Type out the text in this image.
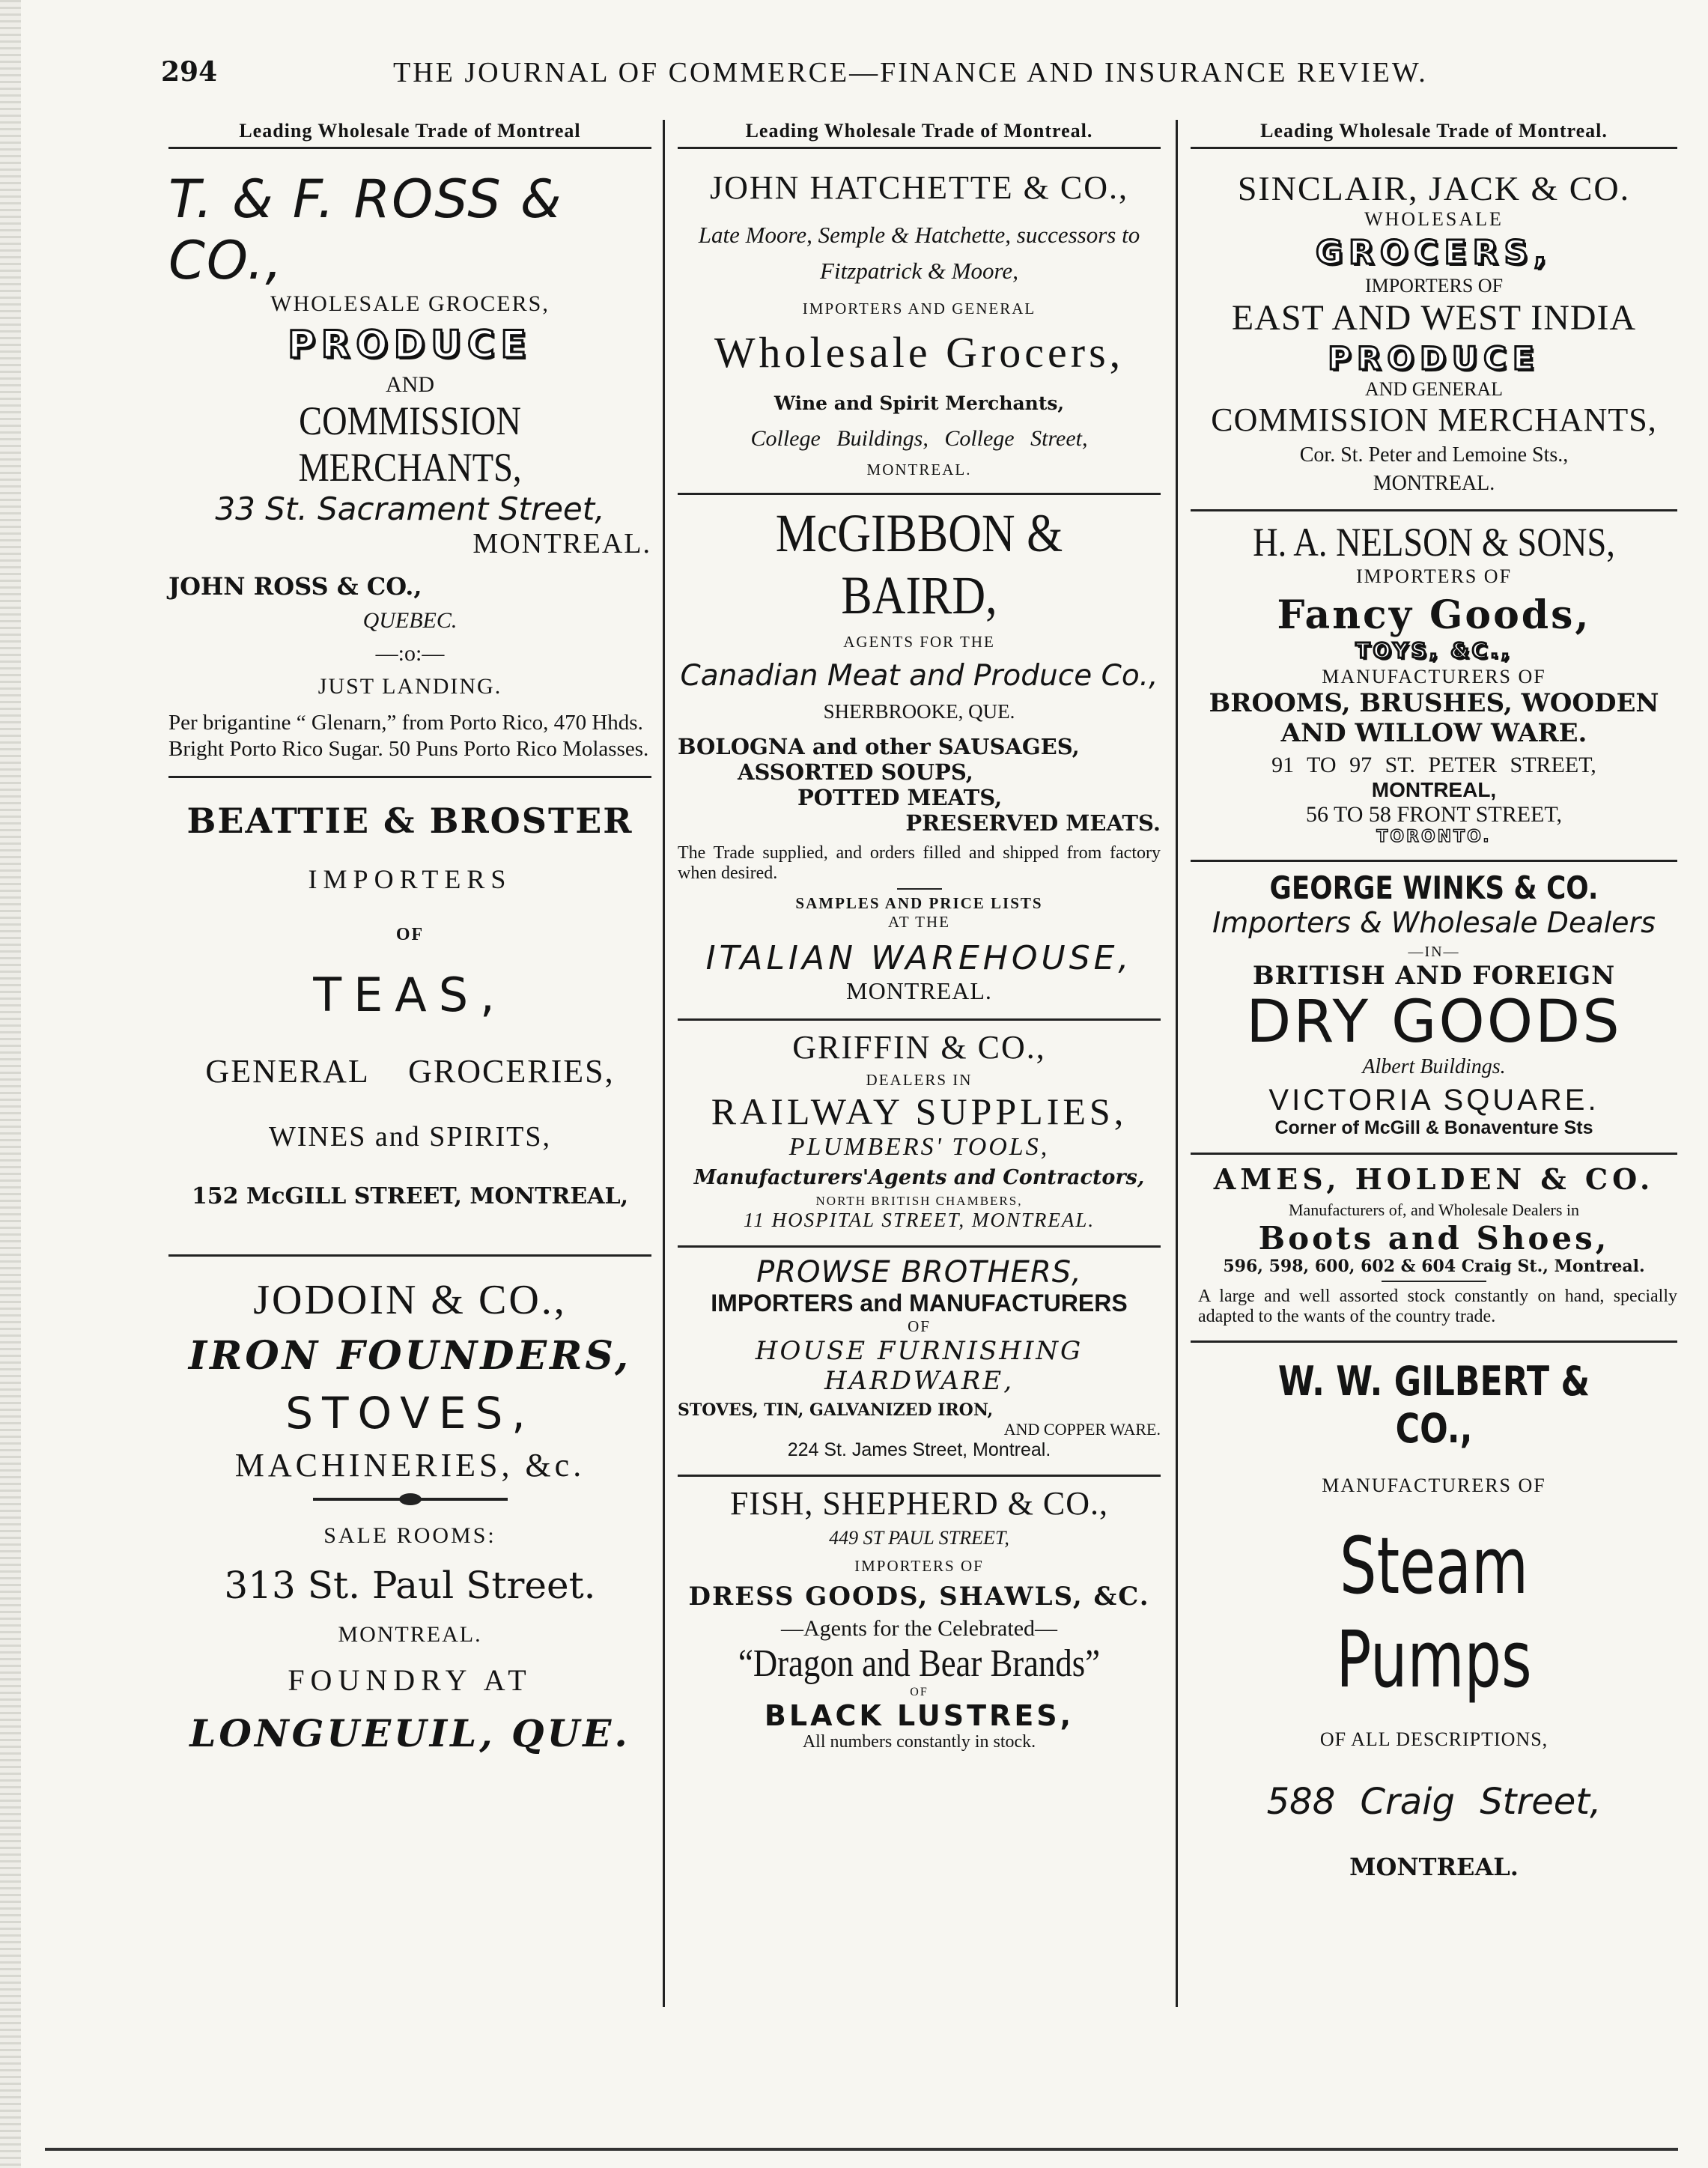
294	THE JOURNAL OF COMMERCE—FINANCE AND INSURANCE REVIEW.
Leading Wholesale Trade of Montreal

T. & F. ROSS & CO.,

WHOLESALE GROCERS,

PRODUCE

AND

COMMISSION MERCHANTS,

33 St. Sacrament Street,

MONTREAL.

JOHN ROSS & CO.,

QUEBEC.

—:o:—

JUST LANDING.

Per brigantine “ Glenarn,” from Porto Rico, 470 Hhds. Bright Porto Rico Sugar. 50 Puns Porto Rico Molasses.

BEATTIE & BROSTER

IMPORTERS

OF

TEAS,

GENERAL GROCERIES,

WINES and SPIRITS,

152 McGILL STREET, MONTREAL,

JODOIN & CO.,

IRON FOUNDERS,

STOVES,

MACHINERIES, &c.

SALE ROOMS:

313 St. Paul Street.

MONTREAL.

FOUNDRY AT

LONGUEUIL, QUE.

Leading Wholesale Trade of Montreal.

JOHN HATCHETTE & CO.,

Late Moore, Semple & Hatchette, successors to Fitzpatrick & Moore,

IMPORTERS AND GENERAL

Wholesale Grocers,

Wine and Spirit Merchants,

College Buildings, College Street,

MONTREAL.

McGIBBON & BAIRD,

AGENTS FOR THE

Canadian Meat and Produce Co.,

SHERBROOKE, QUE.

BOLOGNA and other SAUSAGES,

ASSORTED SOUPS,

POTTED MEATS,

PRESERVED MEATS.

The Trade supplied, and orders filled and shipped from factory when desired.

SAMPLES AND PRICE LISTS

AT THE

ITALIAN WAREHOUSE,

MONTREAL.

GRIFFIN & CO.,

DEALERS IN

RAILWAY SUPPLIES,

PLUMBERS' TOOLS,

Manufacturers'Agents and Contractors,

NORTH BRITISH CHAMBERS,

11 HOSPITAL STREET, MONTREAL.

PROWSE BROTHERS,

IMPORTERS and MANUFACTURERS

OF

HOUSE FURNISHING HARDWARE,

STOVES, TIN, GALVANIZED IRON,

AND COPPER WARE.

224 St. James Street, Montreal.

FISH, SHEPHERD & CO.,

449 ST PAUL STREET,

IMPORTERS OF

DRESS GOODS, SHAWLS, &C.

—Agents for the Celebrated—

“Dragon and Bear Brands”

OF

BLACK LUSTRES,

All numbers constantly in stock.

Leading Wholesale Trade of Montreal.

SINCLAIR, JACK & CO.

WHOLESALE

GROCERS,

IMPORTERS OF

EAST AND WEST INDIA

PRODUCE

AND GENERAL

COMMISSION MERCHANTS,

Cor. St. Peter and Lemoine Sts.,

MONTREAL.

H. A. NELSON & SONS,

IMPORTERS OF

Fancy Goods,

TOYS, &C.,

MANUFACTURERS OF

BROOMS, BRUSHES, WOODEN

AND WILLOW WARE.

91 TO 97 ST. PETER STREET,

MONTREAL,

56 TO 58 FRONT STREET,

TORONTO.

GEORGE WINKS & CO.

Importers & Wholesale Dealers

—IN—

BRITISH AND FOREIGN

DRY GOODS

Albert Buildings.

VICTORIA SQUARE.

Corner of McGill & Bonaventure Sts

AMES, HOLDEN & CO.

Manufacturers of, and Wholesale Dealers in

Boots and Shoes,

596, 598, 600, 602 & 604 Craig St., Montreal.

A large and well assorted stock constantly on hand, specially adapted to the wants of the country trade.

W. W. GILBERT & CO.,

MANUFACTURERS OF

Steam Pumps

OF ALL DESCRIPTIONS,

588 Craig Street,

MONTREAL.
